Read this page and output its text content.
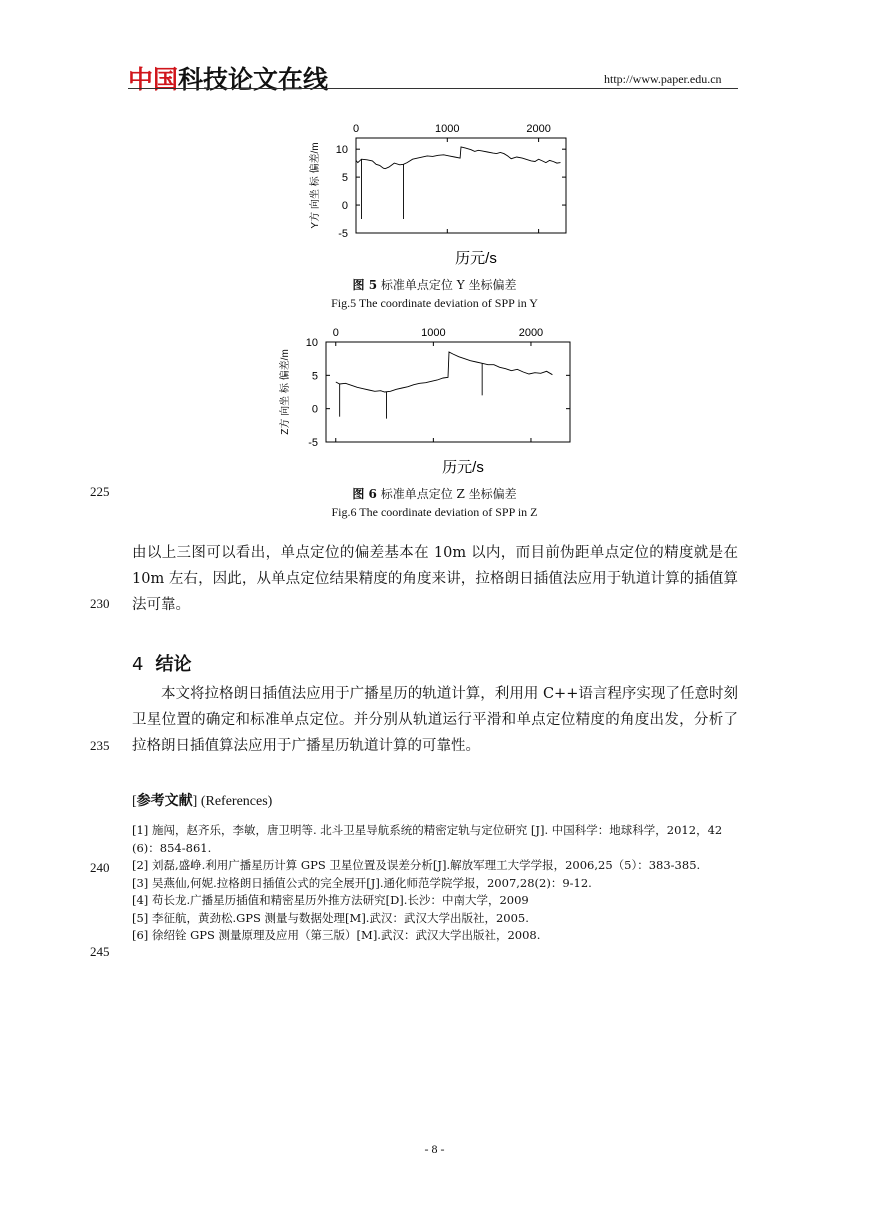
中国科技论文在线	http://www.paper.edu.cn
0	1000	2000
10
5
0
-5
Y方 向坐 标 偏差/m
历元/s
图 5 标准单点定位 Y 坐标偏差
Fig.5 The coordinate deviation of SPP in Y
0	1000	2000
10
5
0
-5
Z方 向坐 标 偏差/m
历元/s
225	图 6 标准单点定位 Z 坐标偏差
Fig.6 The coordinate deviation of SPP in Z
由以上三图可以看出，单点定位的偏差基本在 10m 以内，而目前伪距单点定位的精度就是在 10m 左右，因此，从单点定位结果精度的角度来讲，拉格朗日插值法应用于轨道计算的插值算法可靠。
230
4 结论
本文将拉格朗日插值法应用于广播星历的轨道计算，利用用 C++语言程序实现了任意时刻卫星位置的确定和标准单点定位。并分别从轨道运行平滑和单点定位精度的角度出发，分析了拉格朗日插值算法应用于广播星历轨道计算的可靠性。
235
[参考文献] (References)
[1] 施闯，赵齐乐，李敏，唐卫明等. 北斗卫星导航系统的精密定轨与定位研究 [J]. 中国科学：地球科学，2012，42 (6)：854-861.
[2] 刘磊,盛峥.利用广播星历计算 GPS 卫星位置及误差分析[J].解放军理工大学学报，2006,25（5）：383-385.
[3] 吴燕仙,何妮.拉格朗日插值公式的完全展开[J].通化师范学院学报，2007,28(2)：9-12.
[4] 苟长龙.广播星历插值和精密星历外推方法研究[D].长沙：中南大学，2009
[5] 李征航，黄劲松.GPS 测量与数据处理[M].武汉：武汉大学出版社，2005.
[6] 徐绍铨 GPS 测量原理及应用（第三版）[M].武汉：武汉大学出版社，2008.
240
245
- 8 -
